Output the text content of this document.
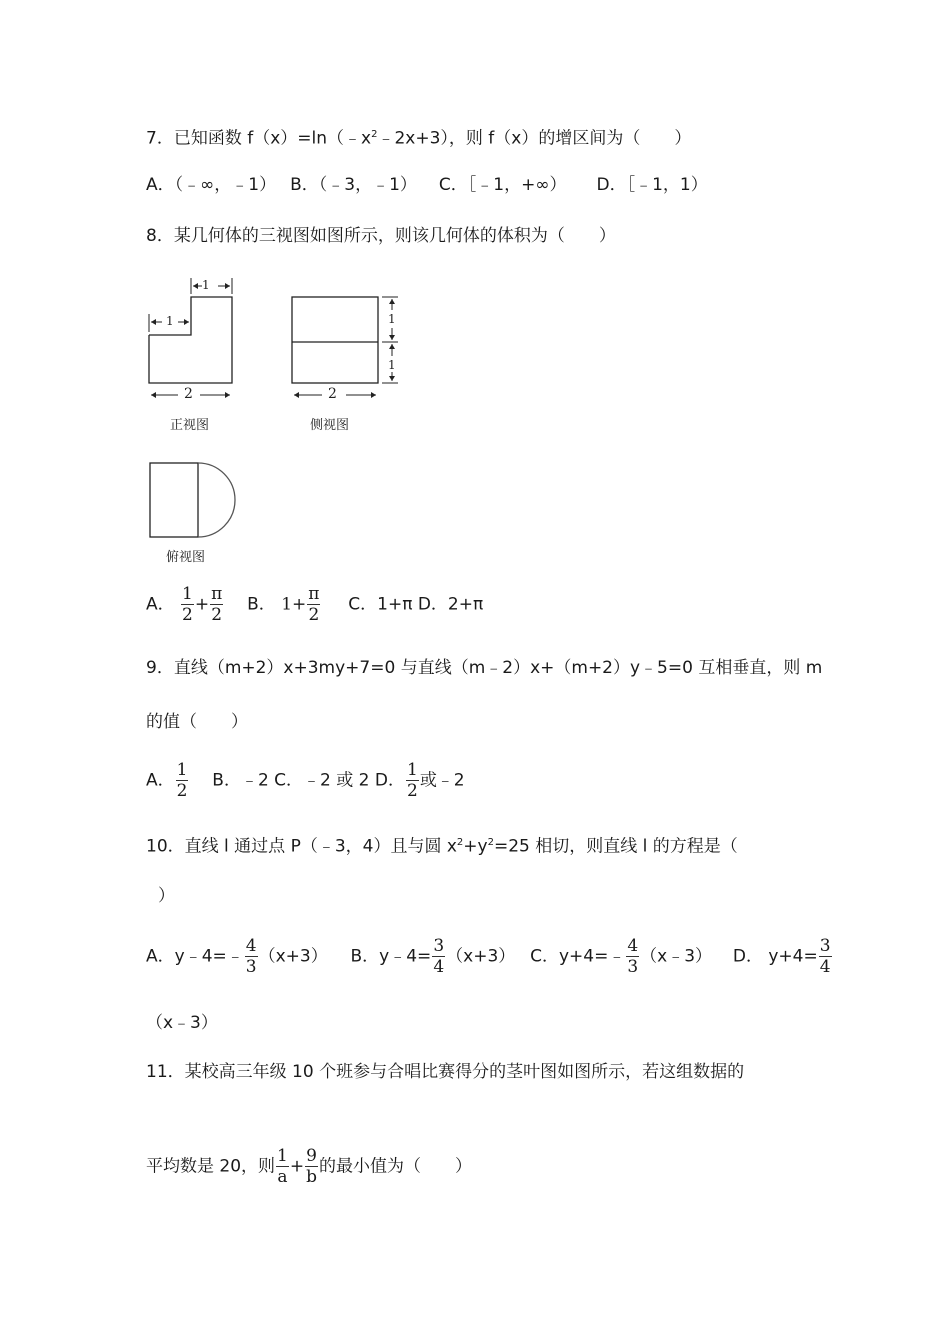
7．已知函数 $f(x)=\ln(﹣x^2﹣2x+3)$，则 f（x）的增区间为（　　）
A．（﹣∞，﹣1） B．（﹣3，﹣1） C．［﹣1，+∞） D．［﹣1，1）
8．某几何体的三视图如图所示，则该几何体的体积为（　　）
1
1
2
正视图
1
1
2
侧视图
俯视图
A． $\frac{1}{2} + \frac{\pi}{2}$ B． $1+ \frac{\pi}{2}$ C．1+π D．2+π
9．直线（m+2）x+3my+7=0 与直线（m﹣2）x+（m+2）y﹣5=0 互相垂直，则 m
的值（　　）
A． $\frac{1}{2}$ B．﹣2 C．﹣2 或 2 D． $\frac{1}{2}$ 或﹣2
10．直线 l 通过点 P（﹣3，4）且与圆 $x^2+y^2=25$ 相切，则直线 l 的方程是（
）
A．y﹣4=﹣ $\frac{4}{3} (x+3)$ B．y﹣4= $\frac{3}{4} (x+3)$ C．y+4=﹣ $\frac{4}{3}$ （x﹣3） D． $y+4= \frac{3}{4}$
（x﹣3）
11．某校高三年级 10 个班参与合唱比赛得分的茎叶图如图所示，若这组数据的
平均数是 20，则 $\frac{1}{a} + \frac{9}{b}$ 的最小值为（　　）
